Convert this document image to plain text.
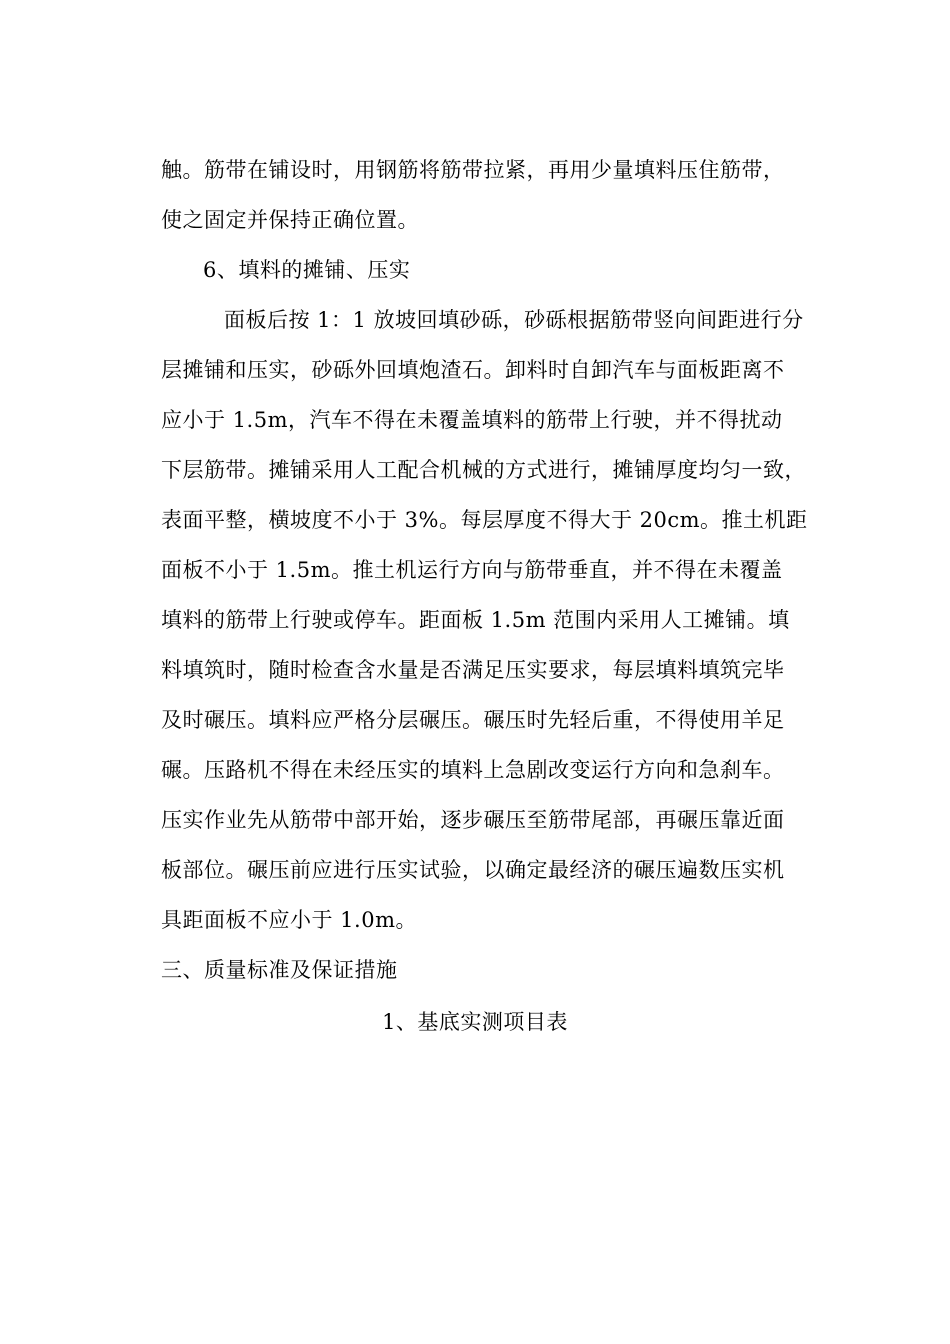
触。筋带在铺设时，用钢筋将筋带拉紧，再用少量填料压住筋带，
使之固定并保持正确位置。
6、填料的摊铺、压实
面板后按 1：1 放坡回填砂砾，砂砾根据筋带竖向间距进行分
层摊铺和压实，砂砾外回填炮渣石。卸料时自卸汽车与面板距离不
应小于 1.5m，汽车不得在未覆盖填料的筋带上行驶，并不得扰动
下层筋带。摊铺采用人工配合机械的方式进行，摊铺厚度均匀一致，
表面平整，横坡度不小于 3%。每层厚度不得大于 20cm。推土机距
面板不小于 1.5m。推土机运行方向与筋带垂直，并不得在未覆盖
填料的筋带上行驶或停车。距面板 1.5m 范围内采用人工摊铺。填
料填筑时，随时检查含水量是否满足压实要求，每层填料填筑完毕
及时碾压。填料应严格分层碾压。碾压时先轻后重，不得使用羊足
碾。压路机不得在未经压实的填料上急剧改变运行方向和急刹车。
压实作业先从筋带中部开始，逐步碾压至筋带尾部，再碾压靠近面
板部位。碾压前应进行压实试验，以确定最经济的碾压遍数压实机
具距面板不应小于 1.0m。
三、质量标准及保证措施
1、基底实测项目表
